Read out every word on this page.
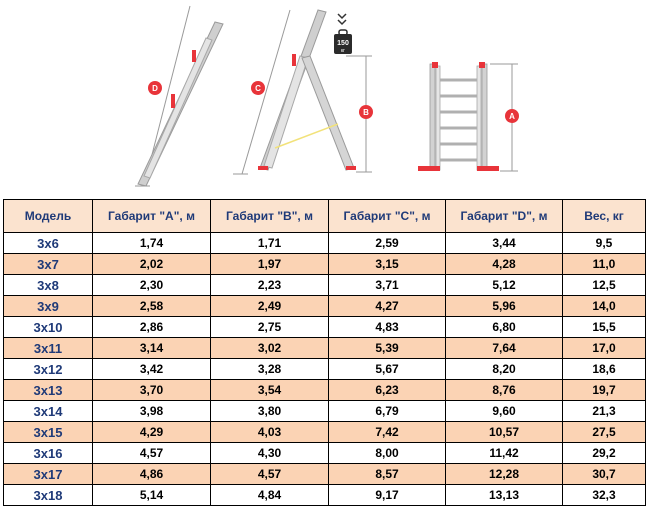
D	C
150
кг
B	A
Модель	Габарит "A", м	Габарит "B", м	Габарит "C", м	Габарит "D", м	Вес, кг
3x6	1,74	1,71	2,59	3,44	9,5
3x7	2,02	1,97	3,15	4,28	11,0
3x8	2,30	2,23	3,71	5,12	12,5
3x9	2,58	2,49	4,27	5,96	14,0
3x10	2,86	2,75	4,83	6,80	15,5
3x11	3,14	3,02	5,39	7,64	17,0
3x12	3,42	3,28	5,67	8,20	18,6
3x13	3,70	3,54	6,23	8,76	19,7
3x14	3,98	3,80	6,79	9,60	21,3
3x15	4,29	4,03	7,42	10,57	27,5
3x16	4,57	4,30	8,00	11,42	29,2
3x17	4,86	4,57	8,57	12,28	30,7
3x18	5,14	4,84	9,17	13,13	32,3
